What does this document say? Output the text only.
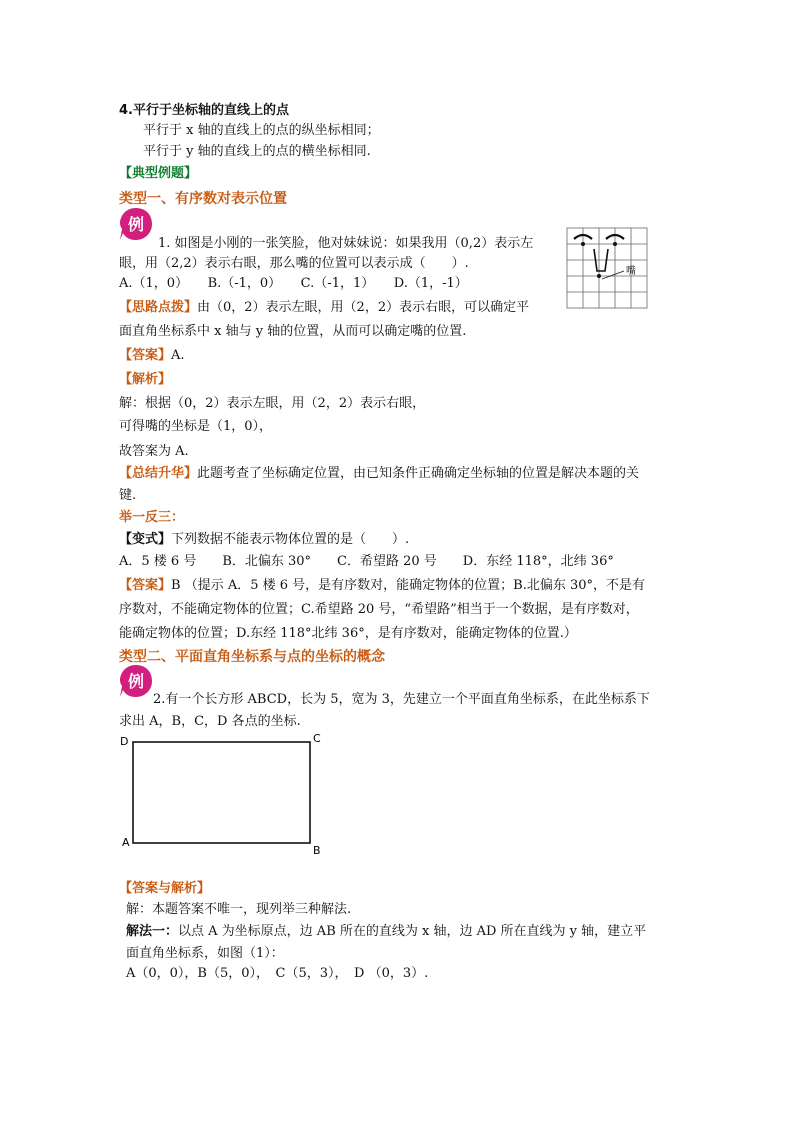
4.平行于坐标轴的直线上的点
平行于 x 轴的直线上的点的纵坐标相同；
平行于 y 轴的直线上的点的横坐标相同.
【典型例题】
类型一、有序数对表示位置
例
1. 如图是小刚的一张笑脸，他对妹妹说：如果我用（0,2）表示左
眼，用（2,2）表示右眼，那么嘴的位置可以表示成（　　）.
A.（1，0）　　B.（-1，0）　　C.（-1，1）　　D.（1，-1）
嘴
【思路点拨】由（0，2）表示左眼，用（2，2）表示右眼，可以确定平
面直角坐标系中 x 轴与 y 轴的位置，从而可以确定嘴的位置.
【答案】A.
【解析】
解：根据（0，2）表示左眼，用（2，2）表示右眼，
可得嘴的坐标是（1，0），
故答案为 A.
【总结升华】此题考查了坐标确定位置，由已知条件正确确定坐标轴的位置是解决本题的关
键.
举一反三：
【变式】下列数据不能表示物体位置的是（　　）.
A．5 楼 6 号　　B．北偏东 30°　　C．希望路 20 号　　D．东经 118°，北纬 36°
【答案】B （提示 A．5 楼 6 号，是有序数对，能确定物体的位置；B.北偏东 30°，不是有
序数对，不能确定物体的位置；C.希望路 20 号，“希望路”相当于一个数据，是有序数对，
能确定物体的位置；D.东经 118°北纬 36°，是有序数对，能确定物体的位置.）
类型二、平面直角坐标系与点的坐标的概念
例
2.有一个长方形 ABCD，长为 5，宽为 3，先建立一个平面直角坐标系，在此坐标系下
求出 A，B，C，D 各点的坐标.
D	C
A
B
【答案与解析】
解：本题答案不唯一，现列举三种解法.
解法一：以点 A 为坐标原点，边 AB 所在的直线为 x 轴，边 AD 所在直线为 y 轴，建立平
面直角坐标系，如图（1）：
A（0，0），B（5，0），　C（5，3），　D （0，3）.
